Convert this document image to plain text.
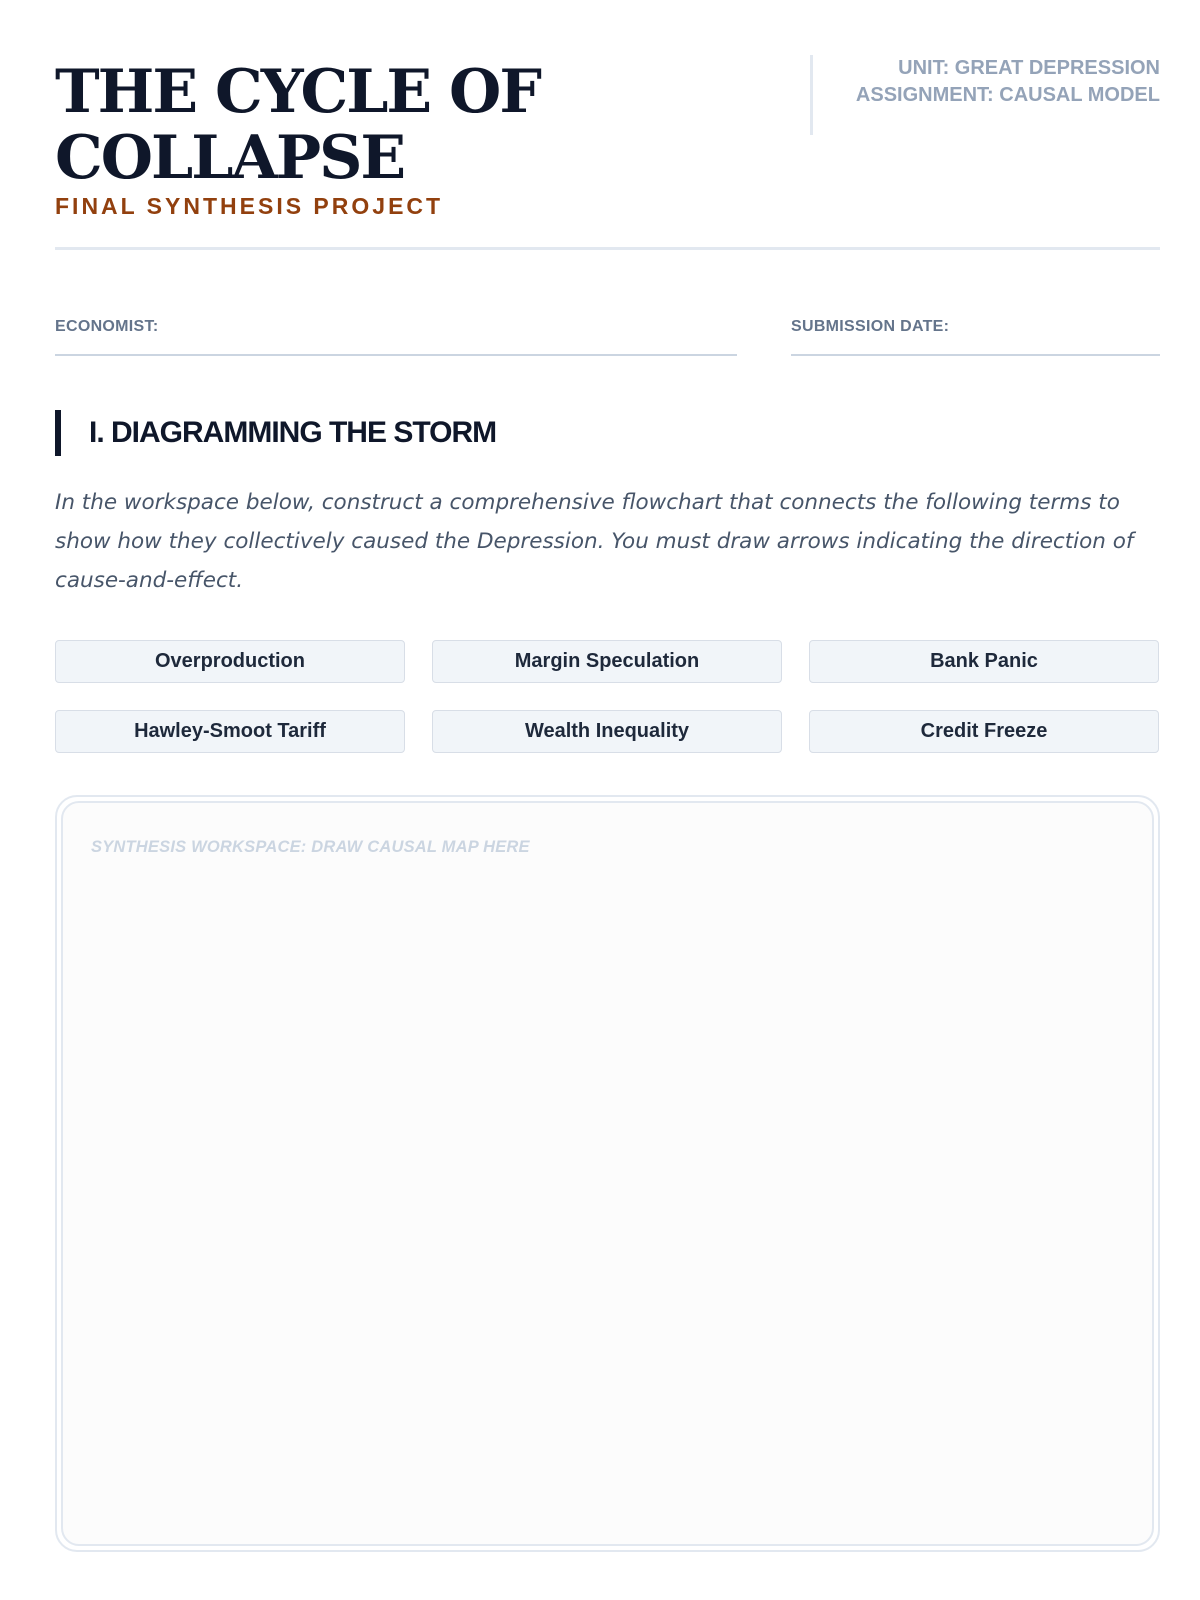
THE CYCLE OF COLLAPSE
FINAL SYNTHESIS PROJECT
UNIT: GREAT DEPRESSION
ASSIGNMENT: CAUSAL MODEL
ECONOMIST:	SUBMISSION DATE:
I. DIAGRAMMING THE STORM
In the workspace below, construct a comprehensive flowchart that connects the following terms to show how they collectively caused the Depression. You must draw arrows indicating the direction of cause-and-effect.
Overproduction	Margin Speculation	Bank Panic
Hawley-Smoot Tariff	Wealth Inequality	Credit Freeze
SYNTHESIS WORKSPACE: DRAW CAUSAL MAP HERE
